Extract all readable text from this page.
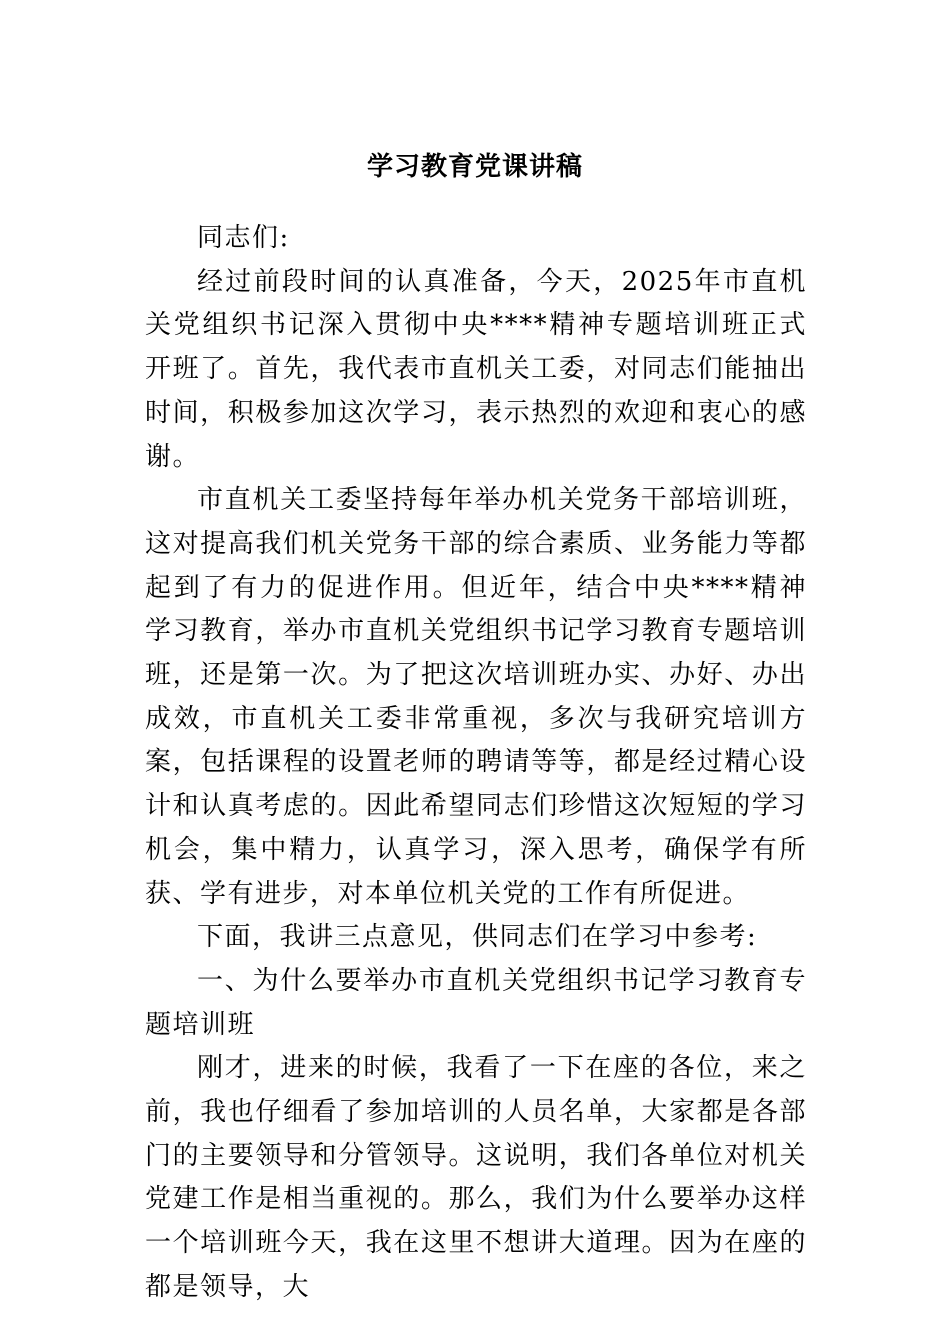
学习教育党课讲稿

同志们:

经过前段时间的认真准备，今天，2025年市直机关党组织书记深入贯彻中央****精神专题培训班正式开班了。首先，我代表市直机关工委，对同志们能抽出时间，积极参加这次学习，表示热烈的欢迎和衷心的感谢。

市直机关工委坚持每年举办机关党务干部培训班，这对提高我们机关党务干部的综合素质、业务能力等都起到了有力的促进作用。但近年，结合中央****精神学习教育，举办市直机关党组织书记学习教育专题培训班，还是第一次。为了把这次培训班办实、办好、办出成效，市直机关工委非常重视，多次与我研究培训方案，包括课程的设置老师的聘请等等，都是经过精心设计和认真考虑的。因此希望同志们珍惜这次短短的学习机会，集中精力，认真学习，深入思考，确保学有所获、学有进步，对本单位机关党的工作有所促进。

下面，我讲三点意见，供同志们在学习中参考:

一、为什么要举办市直机关党组织书记学习教育专题培训班

刚才，进来的时候，我看了一下在座的各位，来之前，我也仔细看了参加培训的人员名单，大家都是各部门的主要领导和分管领导。这说明，我们各单位对机关党建工作是相当重视的。那么，我们为什么要举办这样一个培训班今天，我在这里不想讲大道理。因为在座的都是领导，大
